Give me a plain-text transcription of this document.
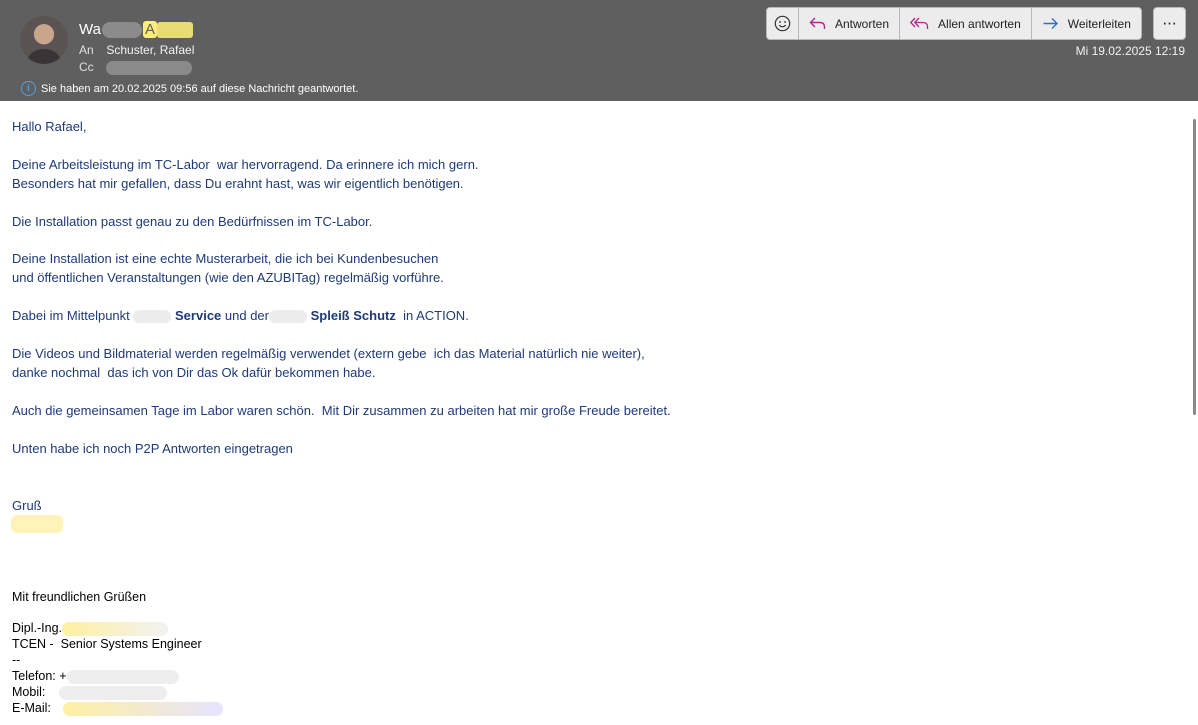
Wa	A
An Schuster, Rafael
Cc
i	Sie haben am 20.02.2025 09:56 auf diese Nachricht geantwortet.
Antworten	Allen antworten	Weiterleiten ···
Mi 19.02.2025 12:19
Hallo Rafael,
Deine Arbeitsleistung im TC-Labor  war hervorragend. Da erinnere ich mich gern.
Besonders hat mir gefallen, dass Du erahnt hast, was wir eigentlich benötigen.
Die Installation passt genau zu den Bedürfnissen im TC-Labor.
Deine Installation ist eine echte Musterarbeit, die ich bei Kundenbesuchen
und öffentlichen Veranstaltungen (wie den AZUBITag) regelmäßig vorführe.
Dabei im Mittelpunkt	Service und der	Spleiß Schutz  in ACTION.
Die Videos und Bildmaterial werden regelmäßig verwendet (extern gebe  ich das Material natürlich nie weiter),
danke nochmal  das ich von Dir das Ok dafür bekommen habe.
Auch die gemeinsamen Tage im Labor waren schön.  Mit Dir zusammen zu arbeiten hat mir große Freude bereitet.
Unten habe ich noch P2P Antworten eingetragen
Gruß
Mit freundlichen Grüßen
Dipl.-Ing.
TCEN -  Senior Systems Engineer
--
Telefon: +
Mobil:
E-Mail:
